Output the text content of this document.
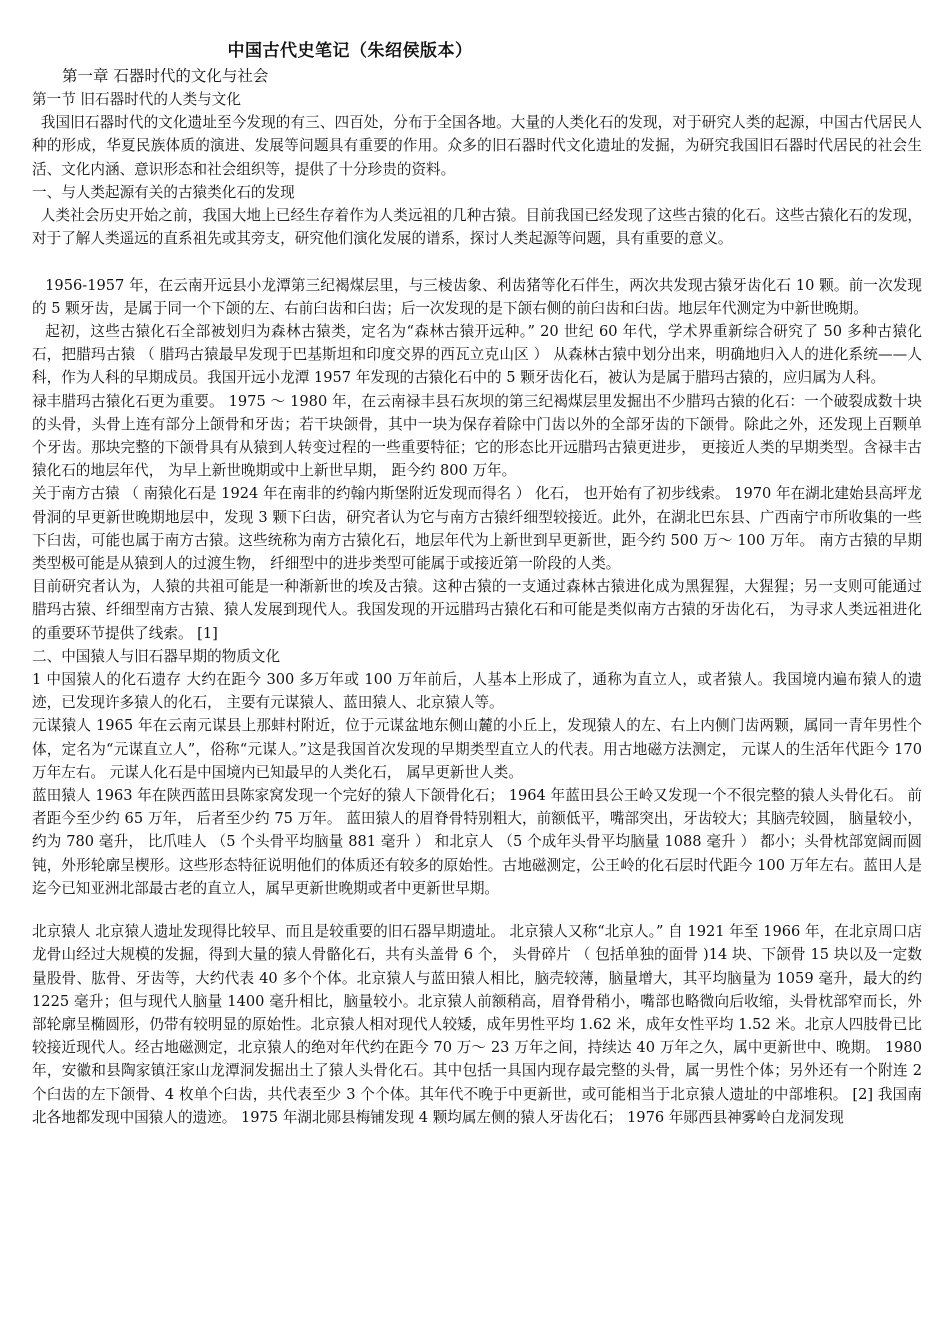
中国古代史笔记（朱绍侯版本）
第一章 石器时代的文化与社会

第一节 旧石器时代的人类与文化

我国旧石器时代的文化遗址至今发现的有三、四百处，分布于全国各地。大量的人类化石的发现，对于研究人类的起源，中国古代居民人种的形成，华夏民族体质的演进、发展等问题具有重要的作用。众多的旧石器时代文化遗址的发掘，为研究我国旧石器时代居民的社会生活、文化内涵、意识形态和社会组织等，提供了十分珍贵的资料。

一、与人类起源有关的古猿类化石的发现

人类社会历史开始之前，我国大地上已经生存着作为人类远祖的几种古猿。目前我国已经发现了这些古猿的化石。这些古猿化石的发现，对于了解人类遥远的直系祖先或其旁支，研究他们演化发展的谱系，探讨人类起源等问题，具有重要的意义。

1956-1957 年，在云南开远县小龙潭第三纪褐煤层里，与三棱齿象、利齿猪等化石伴生，两次共发现古猿牙齿化石 10 颗。前一次发现的 5 颗牙齿，是属于同一个下颌的左、右前臼齿和臼齿；后一次发现的是下颌右侧的前臼齿和臼齿。地层年代测定为中新世晚期。

起初，这些古猿化石全部被划归为森林古猿类，定名为“森林古猿开远种。” 20 世纪 60 年代，学术界重新综合研究了 50 多种古猿化石，把腊玛古猿 （ 腊玛古猿最早发现于巴基斯坦和印度交界的西瓦立克山区 ） 从森林古猿中划分出来，明确地归入人的进化系统——人科，作为人科的早期成员。我国开远小龙潭 1957 年发现的古猿化石中的 5 颗牙齿化石，被认为是属于腊玛古猿的，应归属为人科。

禄丰腊玛古猿化石更为重要。 1975 ～ 1980 年，在云南禄丰县石灰坝的第三纪褐煤层里发掘出不少腊玛古猿的化石：一个破裂成数十块的头骨，头骨上连有部分上颌骨和牙齿；若干块颌骨，其中一块为保存着除中门齿以外的全部牙齿的下颌骨。除此之外，还发现上百颗单个牙齿。那块完整的下颌骨具有从猿到人转变过程的一些重要特征；它的形态比开远腊玛古猿更进步， 更接近人类的早期类型。含禄丰古猿化石的地层年代， 为早上新世晚期或中上新世早期， 距今约 800 万年。

关于南方古猿 （ 南猿化石是 1924 年在南非的约翰内斯堡附近发现而得名 ） 化石， 也开始有了初步线索。 1970 年在湖北建始县高坪龙骨洞的早更新世晚期地层中，发现 3 颗下臼齿，研究者认为它与南方古猿纤细型较接近。此外，在湖北巴东县、广西南宁市所收集的一些下臼齿，可能也属于南方古猿。这些统称为南方古猿化石，地层年代为上新世到早更新世，距今约 500 万～ 100 万年。 南方古猿的早期类型极可能是从猿到人的过渡生物， 纤细型中的进步类型可能属于或接近第一阶段的人类。

目前研究者认为，人猿的共祖可能是一种渐新世的埃及古猿。这种古猿的一支通过森林古猿进化成为黑猩猩，大猩猩；另一支则可能通过腊玛古猿、纤细型南方古猿、猿人发展到现代人。我国发现的开远腊玛古猿化石和可能是类似南方古猿的牙齿化石， 为寻求人类远祖进化的重要环节提供了线索。 [1]

二、中国猿人与旧石器早期的物质文化

1 中国猿人的化石遗存 大约在距今 300 多万年或 100 万年前后，人基本上形成了，通称为直立人，或者猿人。我国境内遍布猿人的遗迹，已发现许多猿人的化石， 主要有元谋猿人、蓝田猿人、北京猿人等。

元谋猿人 1965 年在云南元谋县上那蚌村附近，位于元谋盆地东侧山麓的小丘上，发现猿人的左、右上内侧门齿两颗，属同一青年男性个体，定名为“元谋直立人”，俗称“元谋人。”这是我国首次发现的早期类型直立人的代表。用古地磁方法测定， 元谋人的生活年代距今 170 万年左右。 元谋人化石是中国境内已知最早的人类化石， 属早更新世人类。

蓝田猿人 1963 年在陕西蓝田县陈家窝发现一个完好的猿人下颌骨化石； 1964 年蓝田县公王岭又发现一个不很完整的猿人头骨化石。 前者距今至少约 65 万年， 后者至少约 75 万年。 蓝田猿人的眉脊骨特别粗大，前额低平，嘴部突出，牙齿较大；其脑壳较圆， 脑量较小， 约为 780 毫升， 比爪哇人 （5 个头骨平均脑量 881 毫升 ） 和北京人 （5 个成年头骨平均脑量 1088 毫升 ） 都小；头骨枕部宽阔而圆钝，外形轮廓呈楔形。这些形态特征说明他们的体质还有较多的原始性。古地磁测定，公王岭的化石层时代距今 100 万年左右。蓝田人是迄今已知亚洲北部最古老的直立人，属早更新世晚期或者中更新世早期。

北京猿人 北京猿人遗址发现得比较早、而且是较重要的旧石器早期遗址。 北京猿人又称“北京人。” 自 1921 年至 1966 年，在北京周口店龙骨山经过大规模的发掘，得到大量的猿人骨骼化石，共有头盖骨 6 个， 头骨碎片 （ 包括单独的面骨 )14 块、下颌骨 15 块以及一定数量股骨、肱骨、牙齿等，大约代表 40 多个个体。北京猿人与蓝田猿人相比，脑壳较薄，脑量增大，其平均脑量为 1059 毫升，最大的约 1225 毫升；但与现代人脑量 1400 毫升相比，脑量较小。北京猿人前额稍高，眉脊骨稍小，嘴部也略微向后收缩，头骨枕部窄而长，外部轮廓呈椭圆形，仍带有较明显的原始性。北京猿人相对现代人较矮，成年男性平均 1.62 米，成年女性平均 1.52 米。北京人四肢骨已比较接近现代人。经古地磁测定，北京猿人的绝对年代约在距今 70 万～ 23 万年之间，持续达 40 万年之久，属中更新世中、晚期。 1980 年，安徽和县陶家镇汪家山龙潭洞发掘出土了猿人头骨化石。其中包括一具国内现存最完整的头骨，属一男性个体；另外还有一个附连 2 个臼齿的左下颌骨、4 枚单个臼齿，共代表至少 3 个个体。其年代不晚于中更新世，或可能相当于北京猿人遗址的中部堆积。 [2] 我国南北各地都发现中国猿人的遗迹。 1975 年湖北郧县梅铺发现 4 颗均属左侧的猿人牙齿化石； 1976 年郧西县神雾岭白龙洞发现
